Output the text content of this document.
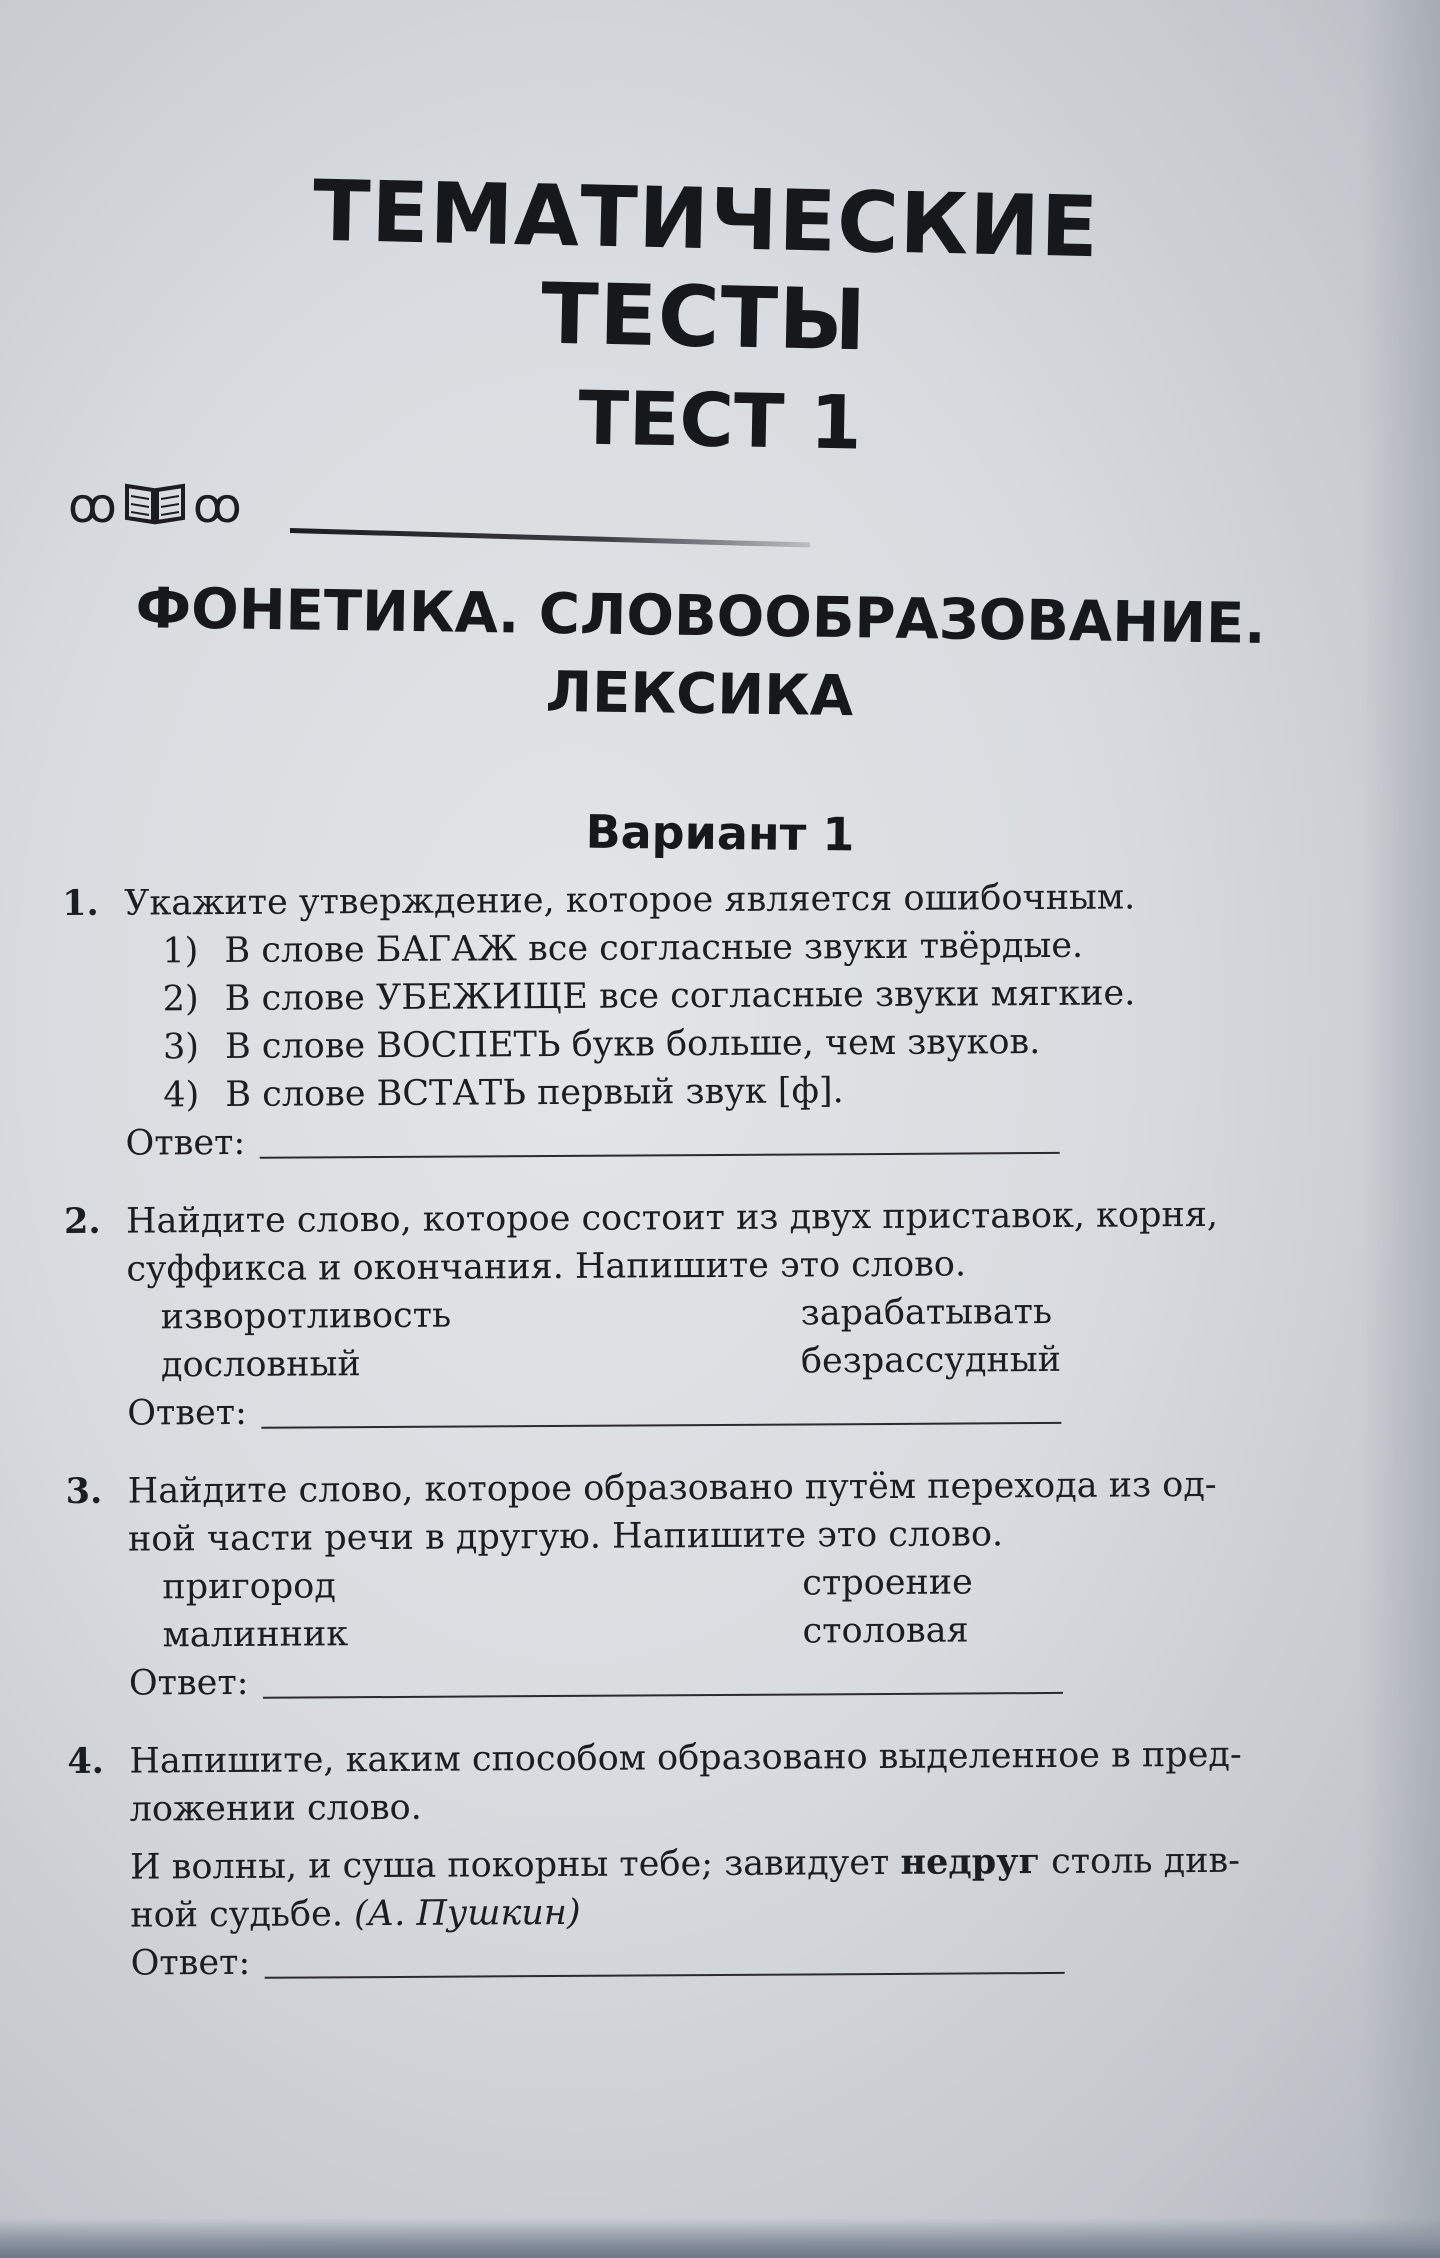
ТЕМАТИЧЕСКИЕ ТЕСТЫ
ТЕСТ 1
ꝏ ꝏ
ФОНЕТИКА. СЛОВООБРАЗОВАНИЕ.
ЛЕКСИКА
Вариант 1
1. Укажите утверждение, которое является ошибочным.
1) В слове БАГАЖ все согласные звуки твёрдые.
2) В слове УБЕЖИЩЕ все согласные звуки мягкие.
3) В слове ВОСПЕТЬ букв больше, чем звуков.
4) В слове ВСТАТЬ первый звук [ф].
Ответ:
2. Найдите слово, которое состоит из двух приставок, корня,
суффикса и окончания. Напишите это слово.
изворотливость	зарабатывать
дословный	безрассудный
Ответ:
3. Найдите слово, которое образовано путём перехода из од-
ной части речи в другую. Напишите это слово.
пригород	строение
малинник	столовая
Ответ:
4. Напишите, каким способом образовано выделенное в пред-
ложении слово.
И волны, и суша покорны тебе; завидует недруг столь див-
ной судьбе. (А. Пушкин)
Ответ:
